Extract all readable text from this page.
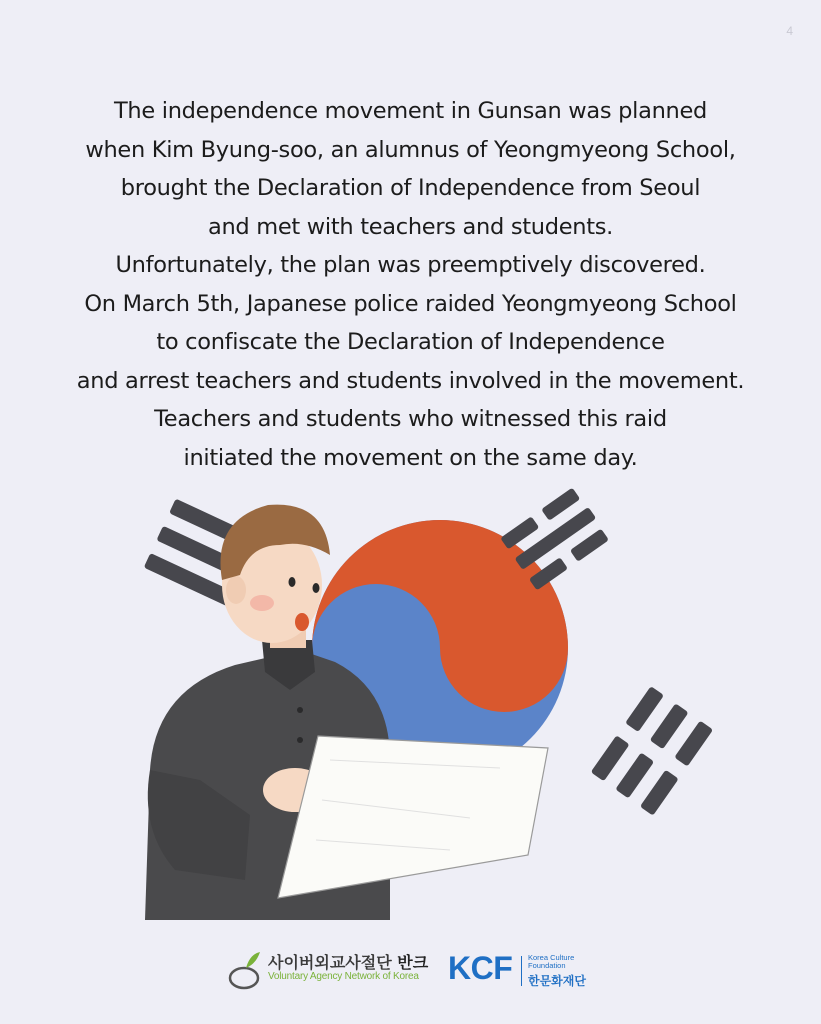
4
The independence movement in Gunsan was planned
when Kim Byung-soo, an alumnus of Yeongmyeong School,
brought the Declaration of Independence from Seoul
and met with teachers and students.
Unfortunately, the plan was preemptively discovered.
On March 5th, Japanese police raided Yeongmyeong School
to confiscate the Declaration of Independence
and arrest teachers and students involved in the movement.
Teachers and students who witnessed this raid
initiated the movement on the same day.
사이버외교사절단 반크
Voluntary Agency Network of Korea KCF Korea Culture Foundation
한문화재단
